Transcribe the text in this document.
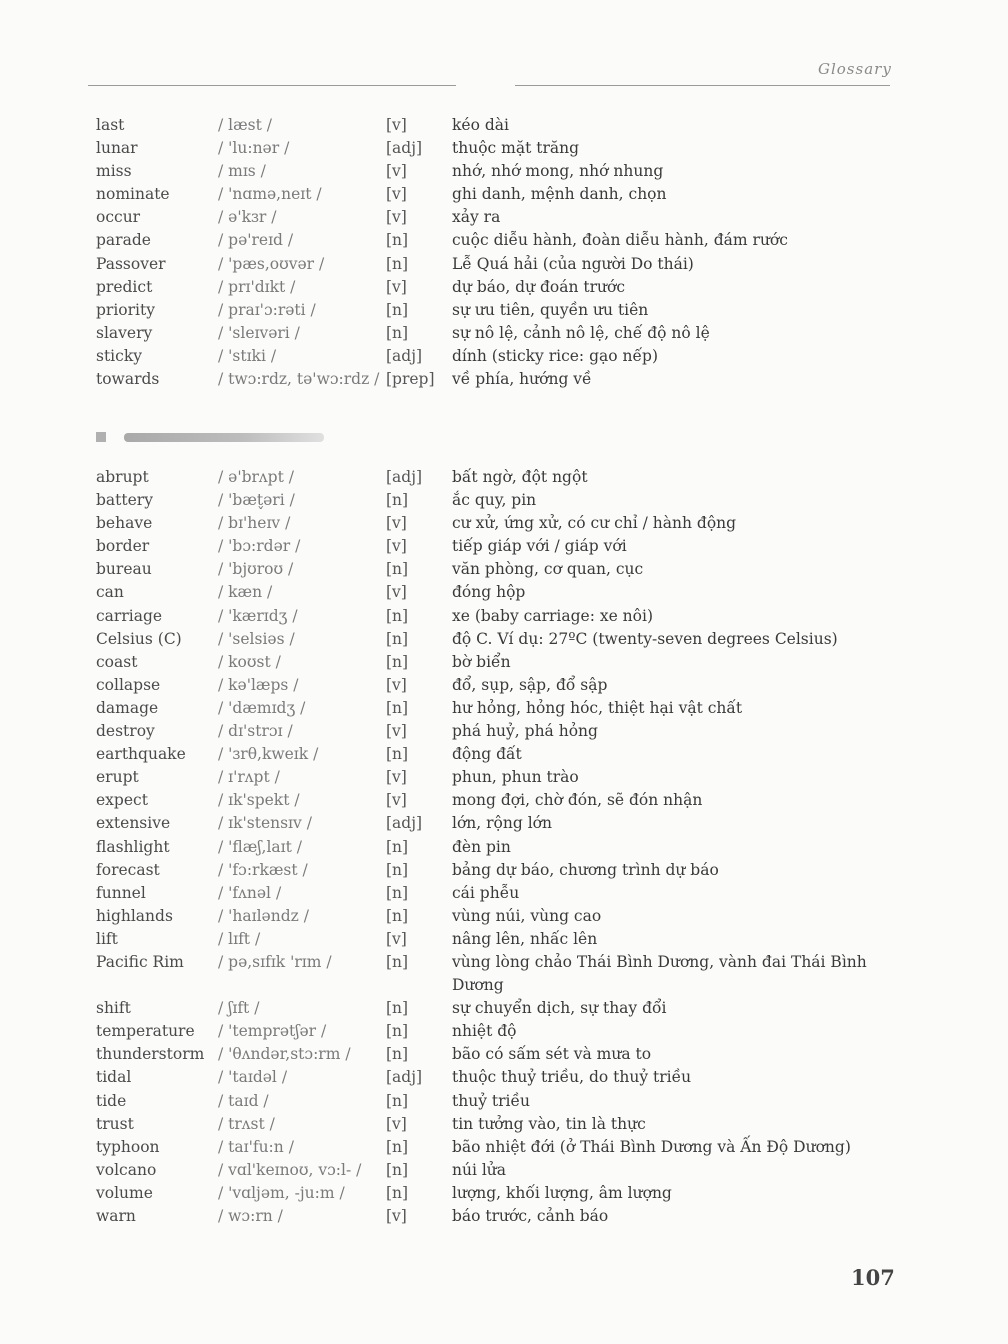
Glossary
last	/ læst /	[v]	kéo dài
lunar	/ 'lu:nər /	[adj]	thuộc mặt trăng
miss	/ mɪs /	[v]	nhớ, nhớ mong, nhớ nhung
nominate	/ 'nɑmə,neɪt /	[v]	ghi danh, mệnh danh, chọn
occur	/ ə'kɜr /	[v]	xảy ra
parade	/ pə'reɪd /	[n]	cuộc diễu hành, đoàn diễu hành, đám rước
Passover	/ 'pæs,oʊvər /	[n]	Lễ Quá hải (của người Do thái)
predict	/ prɪ'dɪkt /	[v]	dự báo, dự đoán trước
priority	/ praɪ'ɔ:rəti /	[n]	sự ưu tiên, quyền ưu tiên
slavery	/ 'sleɪvəri /	[n]	sự nô lệ, cảnh nô lệ, chế độ nô lệ
sticky	/ 'stɪki /	[adj]	dính (sticky rice: gạo nếp)
towards	/ twɔ:rdz, tə'wɔ:rdz / [prep]	về phía, hướng về
abrupt	/ ə'brʌpt /	[adj]	bất ngờ, đột ngột
battery	/ 'bæt̬əri /	[n]	ắc quy, pin
behave	/ bɪ'heɪv /	[v]	cư xử, ứng xử, có cư chỉ / hành động
border	/ 'bɔ:rdər /	[v]	tiếp giáp với / giáp với
bureau	/ 'bjʊroʊ /	[n]	văn phòng, cơ quan, cục
can	/ kæn /	[v]	đóng hộp
carriage	/ 'kærɪdʒ /	[n]	xe (baby carriage: xe nôi)
Celsius (C)	/ 'selsiəs /	[n]	độ C. Ví dụ: 27ºC (twenty-seven degrees Celsius)
coast	/ koʊst /	[n]	bờ biển
collapse	/ kə'læps /	[v]	đổ, sụp, sập, đổ sập
damage	/ 'dæmɪdʒ /	[n]	hư hỏng, hỏng hóc, thiệt hại vật chất
destroy	/ dɪ'strɔɪ /	[v]	phá huỷ, phá hỏng
earthquake	/ 'ɜrθ,kweɪk /	[n]	động đất
erupt	/ ɪ'rʌpt /	[v]	phun, phun trào
expect	/ ɪk'spekt /	[v]	mong đợi, chờ đón, sẽ đón nhận
extensive	/ ɪk'stensɪv /	[adj]	lớn, rộng lớn
flashlight	/ 'flæʃ,laɪt /	[n]	đèn pin
forecast	/ 'fɔ:rkæst /	[n]	bảng dự báo, chương trình dự báo
funnel	/ 'fʌnəl /	[n]	cái phễu
highlands	/ 'haɪləndz /	[n]	vùng núi, vùng cao
lift	/ lɪft /	[v]	nâng lên, nhấc lên
Pacific Rim	/ pə,sɪfɪk 'rɪm /	[n]	vùng lòng chảo Thái Bình Dương, vành đai Thái Bình Dương
shift	/ ʃɪft /	[n]	sự chuyển dịch, sự thay đổi
temperature	/ 'temprətʃər /	[n]	nhiệt độ
thunderstorm / 'θʌndər,stɔ:rm /	[n]	bão có sấm sét và mưa to
tidal	/ 'taɪdəl /	[adj]	thuộc thuỷ triều, do thuỷ triều
tide	/ taɪd /	[n]	thuỷ triều
trust	/ trʌst /	[v]	tin tưởng vào, tin là thực
typhoon	/ taɪ'fu:n /	[n]	bão nhiệt đới (ở Thái Bình Dương và Ấn Độ Dương)
volcano	/ vɑl'keɪnoʊ, vɔ:l- /	[n]	núi lửa
volume	/ 'vɑljəm, -ju:m /	[n]	lượng, khối lượng, âm lượng
warn	/ wɔ:rn /	[v]	báo trước, cảnh báo
107
